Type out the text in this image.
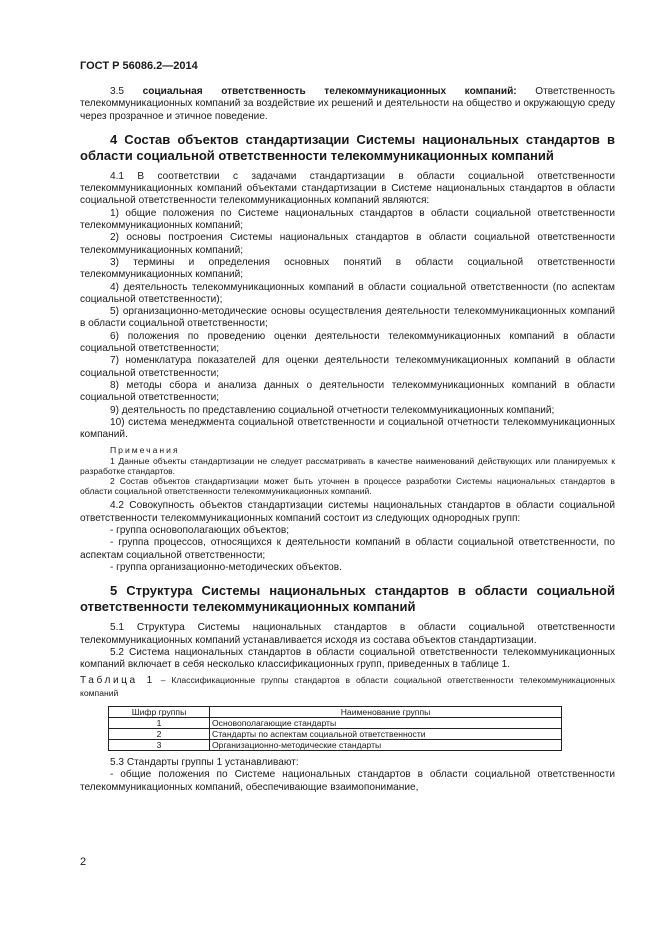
ГОСТ Р 56086.2—2014

3.5 социальная ответственность телекоммуникационных компаний: Ответственность телекоммуникационных компаний за воздействие их решений и деятельности на общество и окружающую среду через прозрачное и этичное поведение.

4 Состав объектов стандартизации Системы национальных стандартов в области социальной ответственности телекоммуникационных компаний

4.1 В соответствии с задачами стандартизации в области социальной ответственности телекоммуникационных компаний объектами стандартизации в Системе национальных стандартов в области социальной ответственности телекоммуникационных компаний являются:

1) общие положения по Системе национальных стандартов в области социальной ответственности телекоммуникационных компаний;

2) основы построения Системы национальных стандартов в области социальной ответственности телекоммуникационных компаний;

3) термины и определения основных понятий в области социальной ответственности телекоммуникационных компаний;

4) деятельность телекоммуникационных компаний в области социальной ответственности (по аспектам социальной ответственности);

5) организационно-методические основы осуществления деятельности телекоммуникационных компаний в области социальной ответственности;

6) положения по проведению оценки деятельности телекоммуникационных компаний в области социальной ответственности;

7) номенклатура показателей для оценки деятельности телекоммуникационных компаний в области социальной ответственности;

8) методы сбора и анализа данных о деятельности телекоммуникационных компаний в области социальной ответственности;

9) деятельность по представлению социальной отчетности телекоммуникационных компаний;

10) система менеджмента социальной ответственности и социальной отчетности телекоммуникационных компаний.

Примечания

1 Данные объекты стандартизации не следует рассматривать в качестве наименований действующих или планируемых к разработке стандартов.

2 Состав объектов стандартизации может быть уточнен в процессе разработки Системы национальных стандартов в области социальной ответственности телекоммуникационных компаний.

4.2 Совокупность объектов стандартизации системы национальных стандартов в области социальной ответственности телекоммуникационных компаний состоит из следующих однородных групп:

- группа основополагающих объектов;

- группа процессов, относящихся к деятельности компаний в области социальной ответственности, по аспектам социальной ответственности;

- группа организационно-методических объектов.

5 Структура Системы национальных стандартов в области социальной ответственности телекоммуникационных компаний

5.1 Структура Системы национальных стандартов в области социальной ответственности телекоммуникационных компаний устанавливается исходя из состава объектов стандартизации.

5.2 Система национальных стандартов в области социальной ответственности телекоммуникационных компаний включает в себя несколько классификационных групп, приведенных в таблице 1.

Таблица 1 – Классификационные группы стандартов в области социальной ответственности телекоммуникационных компаний

Шифр группы	Наименование группы
1	Основополагающие стандарты
2	Стандарты по аспектам социальной ответственности
3	Организационно-методические стандарты

5.3 Стандарты группы 1 устанавливают:

- общие положения по Системе национальных стандартов в области социальной ответственности телекоммуникационных компаний, обеспечивающие взаимопонимание,

2
